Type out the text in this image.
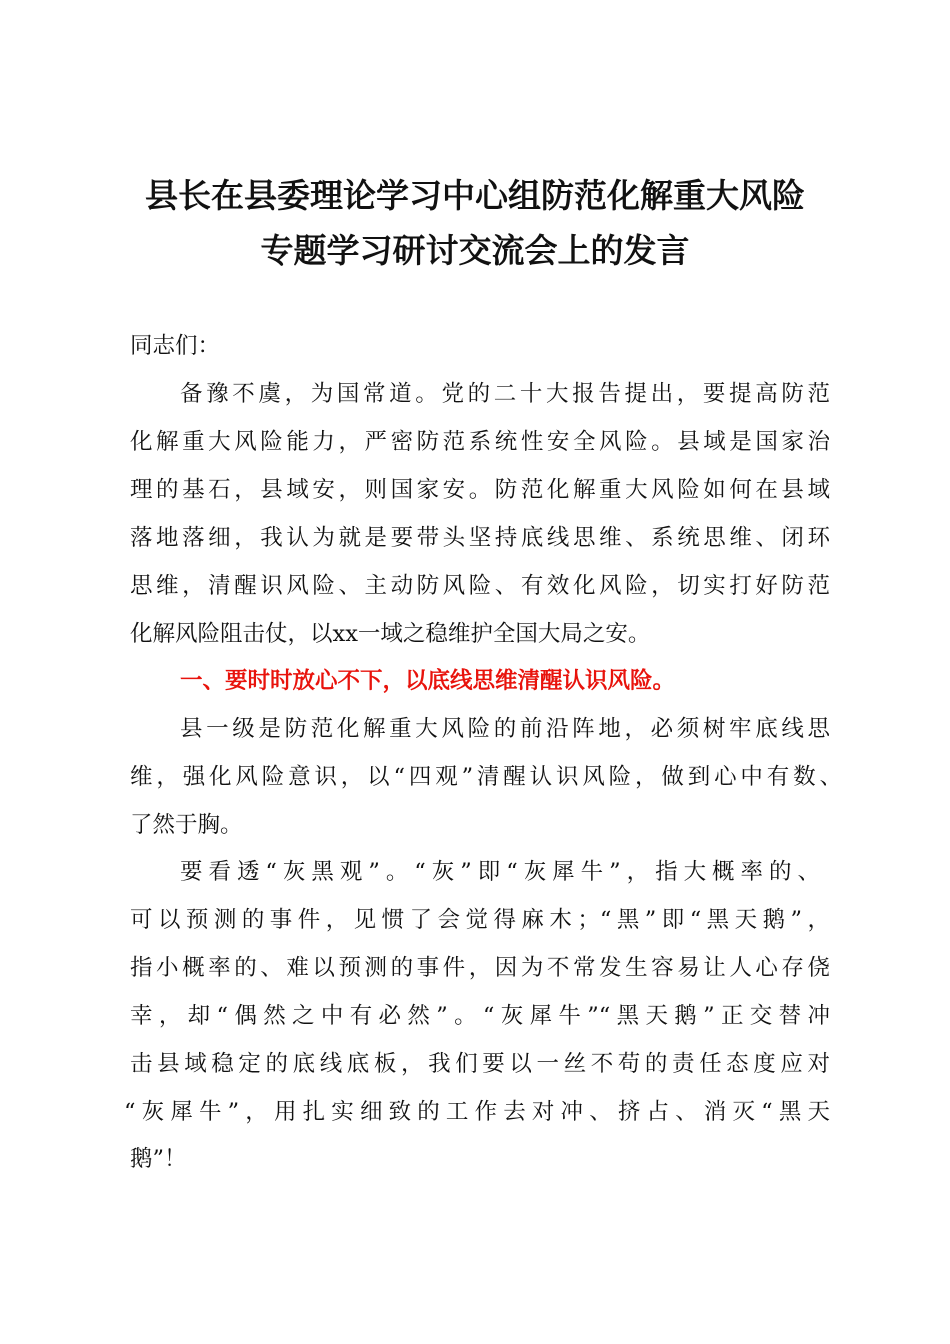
县长在县委理论学习中心组防范化解重大风险
专题学习研讨交流会上的发言
同志们：
备豫不虞，为国常道。党的二十大报告提出，要提高防范
化解重大风险能力，严密防范系统性安全风险。县域是国家治
理的基石，县域安，则国家安。防范化解重大风险如何在县域
落地落细，我认为就是要带头坚持底线思维、系统思维、闭环
思维，清醒识风险、主动防风险、有效化风险，切实打好防范
化解风险阻击仗，以xx一域之稳维护全国大局之安。
一、要时时放心不下，以底线思维清醒认识风险。
县一级是防范化解重大风险的前沿阵地，必须树牢底线思
维，强化风险意识，以“四观”清醒认识风险，做到心中有数、
了然于胸。
要看透“灰黑观”。“灰”即“灰犀牛”，指大概率的、
可以预测的事件，见惯了会觉得麻木；“黑”即“黑天鹅”，
指小概率的、难以预测的事件，因为不常发生容易让人心存侥
幸，却“偶然之中有必然”。“灰犀牛”“黑天鹅”正交替冲
击县域稳定的底线底板，我们要以一丝不苟的责任态度应对
“灰犀牛”，用扎实细致的工作去对冲、挤占、消灭“黑天
鹅”！
